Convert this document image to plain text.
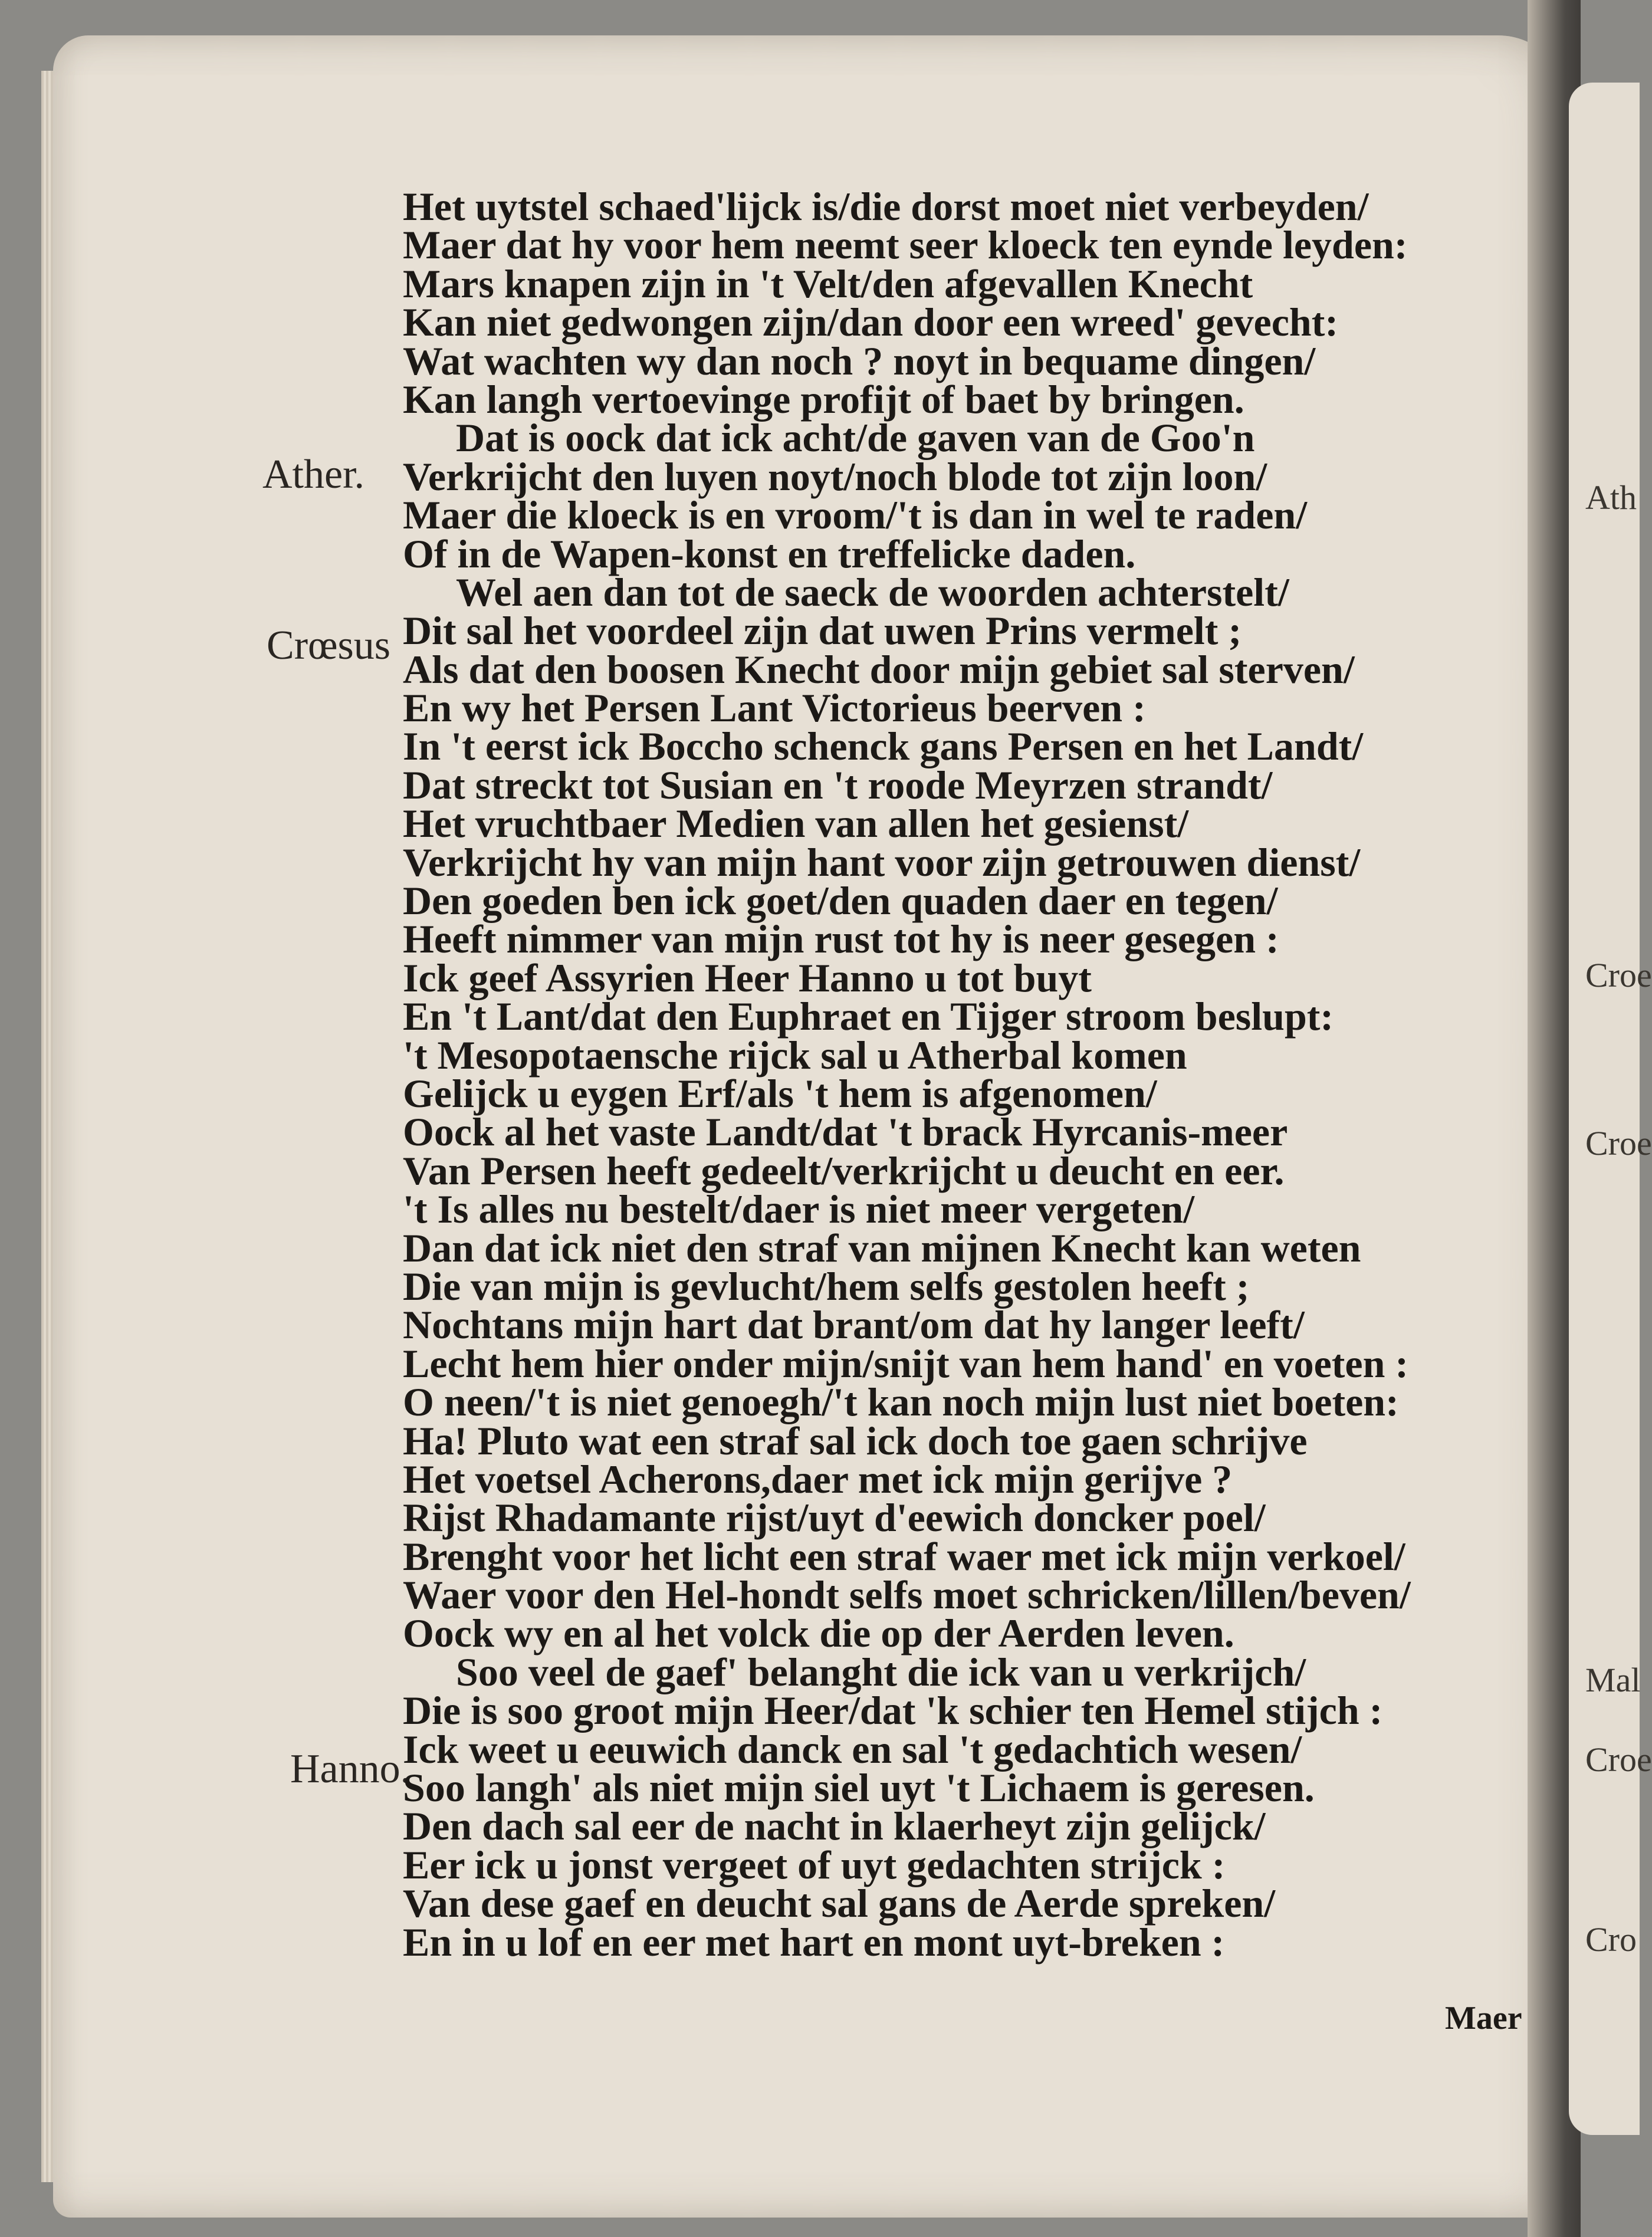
Ath
Croe
Croe
Mal
Croe
Cro
Ather.
Crœsus
Hanno.
Het uytstel schaed'lijck is/die dorst moet niet verbeyden/
Maer dat hy voor hem neemt seer kloeck ten eynde leyden:
Mars knapen zijn in 't Velt/den afgevallen Knecht
Kan niet gedwongen zijn/dan door een wreed' gevecht:
Wat wachten wy dan noch ? noyt in bequame dingen/
Kan langh vertoevinge profijt of baet by bringen.
Dat is oock dat ick acht/de gaven van de Goo'n
Verkrijcht den luyen noyt/noch blode tot zijn loon/
Maer die kloeck is en vroom/'t is dan in wel te raden/
Of in de Wapen-konst en treffelicke daden.
Wel aen dan tot de saeck de woorden achterstelt/
Dit sal het voordeel zijn dat uwen Prins vermelt ;
Als dat den boosen Knecht door mijn gebiet sal sterven/
En wy het Persen Lant Victorieus beerven :
In 't eerst ick Boccho schenck gans Persen en het Landt/
Dat streckt tot Susian en 't roode Meyrzen strandt/
Het vruchtbaer Medien van allen het gesienst/
Verkrijcht hy van mijn hant voor zijn getrouwen dienst/
Den goeden ben ick goet/den quaden daer en tegen/
Heeft nimmer van mijn rust tot hy is neer gesegen :
Ick geef Assyrien Heer Hanno u tot buyt
En 't Lant/dat den Euphraet en Tijger stroom beslupt:
't Mesopotaensche rijck sal u Atherbal komen
Gelijck u eygen Erf/als 't hem is afgenomen/
Oock al het vaste Landt/dat 't brack Hyrcanis-meer
Van Persen heeft gedeelt/verkrijcht u deucht en eer.
't Is alles nu bestelt/daer is niet meer vergeten/
Dan dat ick niet den straf van mijnen Knecht kan weten
Die van mijn is gevlucht/hem selfs gestolen heeft ;
Nochtans mijn hart dat brant/om dat hy langer leeft/
Lecht hem hier onder mijn/snijt van hem hand' en voeten :
O neen/'t is niet genoegh/'t kan noch mijn lust niet boeten:
Ha! Pluto wat een straf sal ick doch toe gaen schrijve
Het voetsel Acherons,daer met ick mijn gerijve ?
Rijst Rhadamante rijst/uyt d'eewich doncker poel/
Brenght voor het licht een straf waer met ick mijn verkoel/
Waer voor den Hel-hondt selfs moet schricken/lillen/beven/
Oock wy en al het volck die op der Aerden leven.
Soo veel de gaef' belanght die ick van u verkrijch/
Die is soo groot mijn Heer/dat 'k schier ten Hemel stijch :
Ick weet u eeuwich danck en sal 't gedachtich wesen/
Soo langh' als niet mijn siel uyt 't Lichaem is geresen.
Den dach sal eer de nacht in klaerheyt zijn gelijck/
Eer ick u jonst vergeet of uyt gedachten strijck :
Van dese gaef en deucht sal gans de Aerde spreken/
En in u lof en eer met hart en mont uyt-breken :
Maer
